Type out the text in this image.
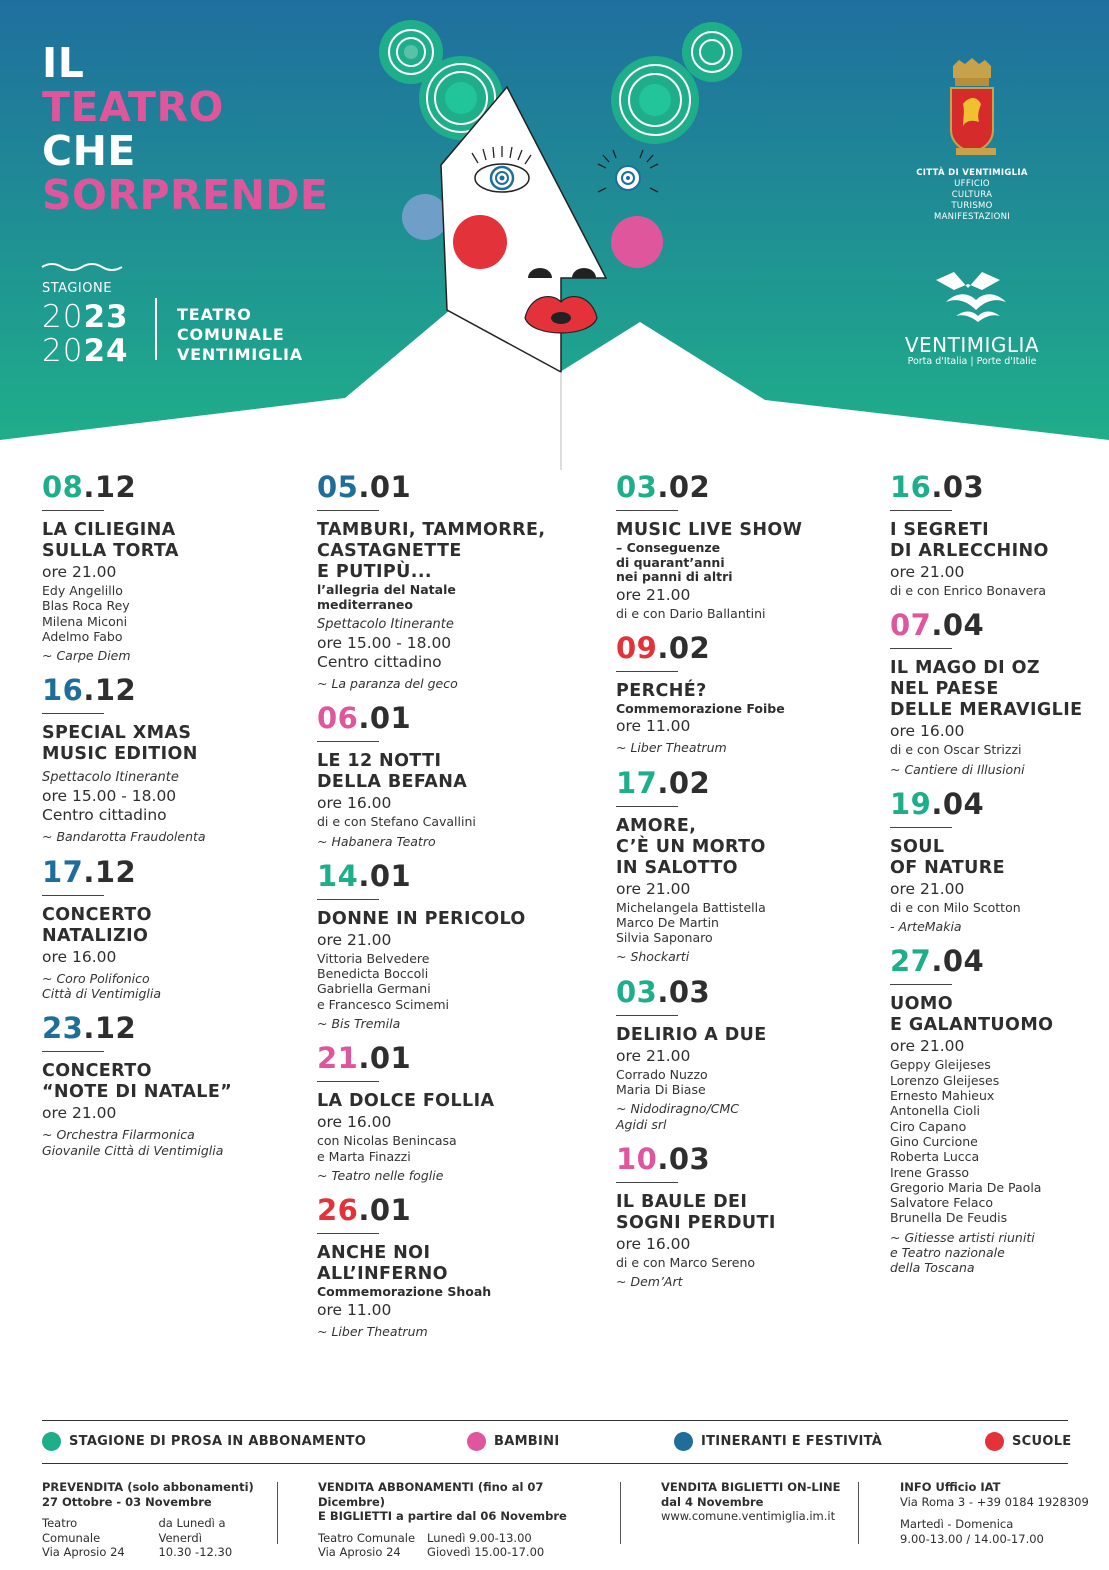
IL
TEATRO
CHE
SORPRENDE
STAGIONE
2023
2024
TEATRO
COMUNALE
VENTIMIGLIA
CITTÀ DI VENTIMIGLIA
UFFICIO
CULTURA
TURISMO
MANIFESTAZIONI
VENTIMIGLIA
Porta d'Italia | Porte d'Italie
08.12
LA CILIEGINA
SULLA TORTA
ore 21.00
Edy Angelillo
Blas Roca Rey
Milena Miconi
Adelmo Fabo
~ Carpe Diem
16.12
SPECIAL XMAS
MUSIC EDITION
Spettacolo Itinerante
ore 15.00 - 18.00
Centro cittadino
~ Bandarotta Fraudolenta
17.12
CONCERTO
NATALIZIO
ore 16.00
~ Coro Polifonico
Città di Ventimiglia
23.12
CONCERTO
“NOTE DI NATALE”
ore 21.00
~ Orchestra Filarmonica
Giovanile Città di Ventimiglia
05.01
TAMBURI, TAMMORRE,
CASTAGNETTE
E PUTIPÙ...
l’allegria del Natale
mediterraneo
Spettacolo Itinerante
ore 15.00 - 18.00
Centro cittadino
~ La paranza del geco
06.01
LE 12 NOTTI
DELLA BEFANA
ore 16.00
di e con Stefano Cavallini
~ Habanera Teatro
14.01
DONNE IN PERICOLO
ore 21.00
Vittoria Belvedere
Benedicta Boccoli
Gabriella Germani
e Francesco Scimemi
~ Bis Tremila
21.01
LA DOLCE FOLLIA
ore 16.00
con Nicolas Benincasa
e Marta Finazzi
~ Teatro nelle foglie
26.01
ANCHE NOI
ALL’INFERNO
Commemorazione Shoah
ore 11.00
~ Liber Theatrum
03.02
MUSIC LIVE SHOW
– Conseguenze
di quarant’anni
nei panni di altri
ore 21.00
di e con Dario Ballantini
09.02
PERCHÉ?
Commemorazione Foibe
ore 11.00
~ Liber Theatrum
17.02
AMORE,
C’È UN MORTO
IN SALOTTO
ore 21.00
Michelangela Battistella
Marco De Martin
Silvia Saponaro
~ Shockarti
03.03
DELIRIO A DUE
ore 21.00
Corrado Nuzzo
Maria Di Biase
~ Nidodiragno/CMC
Agidi srl
10.03
IL BAULE DEI
SOGNI PERDUTI
ore 16.00
di e con Marco Sereno
~ Dem’Art
16.03
I SEGRETI
DI ARLECCHINO
ore 21.00
di e con Enrico Bonavera
07.04
IL MAGO DI OZ
NEL PAESE
DELLE MERAVIGLIE
ore 16.00
di e con Oscar Strizzi
~ Cantiere di Illusioni
19.04
SOUL
OF NATURE
ore 21.00
di e con Milo Scotton
- ArteMakia
27.04
UOMO
E GALANTUOMO
ore 21.00
Geppy Gleijeses
Lorenzo Gleijeses
Ernesto Mahieux
Antonella Cioli
Ciro Capano
Gino Curcione
Roberta Lucca
Irene Grasso
Gregorio Maria De Paola
Salvatore Felaco
Brunella De Feudis
~ Gitiesse artisti riuniti
e Teatro nazionale
della Toscana
STAGIONE DI PROSA IN ABBONAMENTO	BAMBINI	ITINERANTI E FESTIVITÀ	SCUOLE
PREVENDITA (solo abbonamenti)
27 Ottobre - 03 Novembre
Teatro Comunale
Via Aprosio 24
da Lunedì a Venerdì
10.30 -12.30
VENDITA ABBONAMENTI (fino al 07 Dicembre)
E BIGLIETTI a partire dal 06 Novembre
Teatro Comunale
Via Aprosio 24
Lunedì 9.00-13.00
Giovedì 15.00-17.00
VENDITA BIGLIETTI ON-LINE
dal 4 Novembre
www.comune.ventimiglia.im.it
INFO Ufficio IAT
Via Roma 3 - +39 0184 1928309
Martedì - Domenica
9.00-13.00 / 14.00-17.00
